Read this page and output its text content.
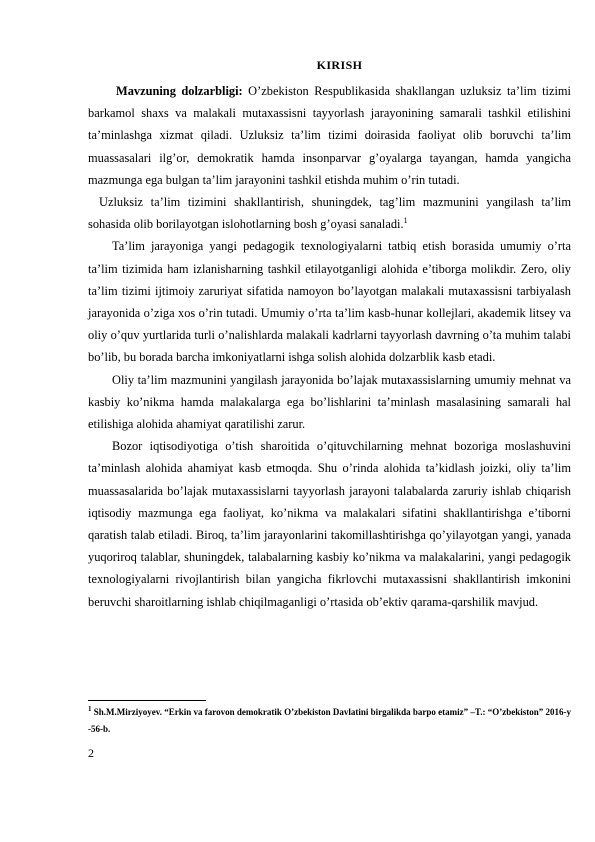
KIRISH

Mavzuning dolzarbligi: O’zbekiston Respublikasida shakllangan uzluksiz ta’lim tizimi barkamol shaxs va malakali mutaxassisni tayyorlash jarayonining samarali tashkil etilishini ta’minlashga xizmat qiladi. Uzluksiz ta’lim tizimi doirasida faoliyat olib boruvchi ta’lim muassasalari ilg’or, demokratik hamda insonparvar g’oyalarga tayangan, hamda yangicha mazmunga ega bulgan ta’lim jarayonini tashkil etishda muhim o’rin tutadi.

Uzluksiz ta’lim tizimini shakllantirish, shuningdek, tag’lim mazmunini yangilash ta’lim sohasida olib borilayotgan islohotlarning bosh g’oyasi sanaladi.$^1$

Ta’lim jarayoniga yangi pedagogik texnologiyalarni tatbiq etish borasida umumiy o’rta ta’lim tizimida ham izlanisharning tashkil etilayotganligi alohida e’tiborga molikdir. Zero, oliy ta’lim tizimi ijtimoiy zaruriyat sifatida namoyon bo’layotgan malakali mutaxassisni tarbiyalash jarayonida o’ziga xos o’rin tutadi. Umumiy o’rta ta’lim kasb-hunar kollejlari, akademik litsey va oliy o’quv yurtlarida turli o’nalishlarda malakali kadrlarni tayyorlash davrning o’ta muhim talabi bo’lib, bu borada barcha imkoniyatlarni ishga solish alohida dolzarblik kasb etadi.

Oliy ta’lim mazmunini yangilash jarayonida bo’lajak mutaxassislarning umumiy mehnat va kasbiy ko’nikma hamda malakalarga ega bo’lishlarini ta’minlash masalasining samarali hal etilishiga alohida ahamiyat qaratilishi zarur.

Bozor iqtisodiyotiga o’tish sharoitida o’qituvchilarning mehnat bozoriga moslashuvini ta’minlash alohida ahamiyat kasb etmoqda. Shu o’rinda alohida ta’kidlash joizki, oliy ta’lim muassasalarida bo’lajak mutaxassislarni tayyorlash jarayoni talabalarda zaruriy ishlab chiqarish iqtisodiy mazmunga ega faoliyat, ko’nikma va malakalari sifatini shakllantirishga e’tiborni qaratish talab etiladi. Biroq, ta’lim jarayonlarini takomillashtirishga qo’yilayotgan yangi, yanada yuqoriroq talablar, shuningdek, talabalarning kasbiy ko’nikma va malakalarini, yangi pedagogik texnologiyalarni rivojlantirish bilan yangicha fikrlovchi mutaxassisni shakllantirish imkonini beruvchi sharoitlarning ishlab chiqilmaganligi o’rtasida ob’ektiv qarama-qarshilik mavjud.

$^1$ Sh.M.Mirziyoyev. “Erkin va farovon demokratik O’zbekiston Davlatini birgalikda barpo etamiz” –T.: “O’zbekiston” 2016-y -56-b.
2
